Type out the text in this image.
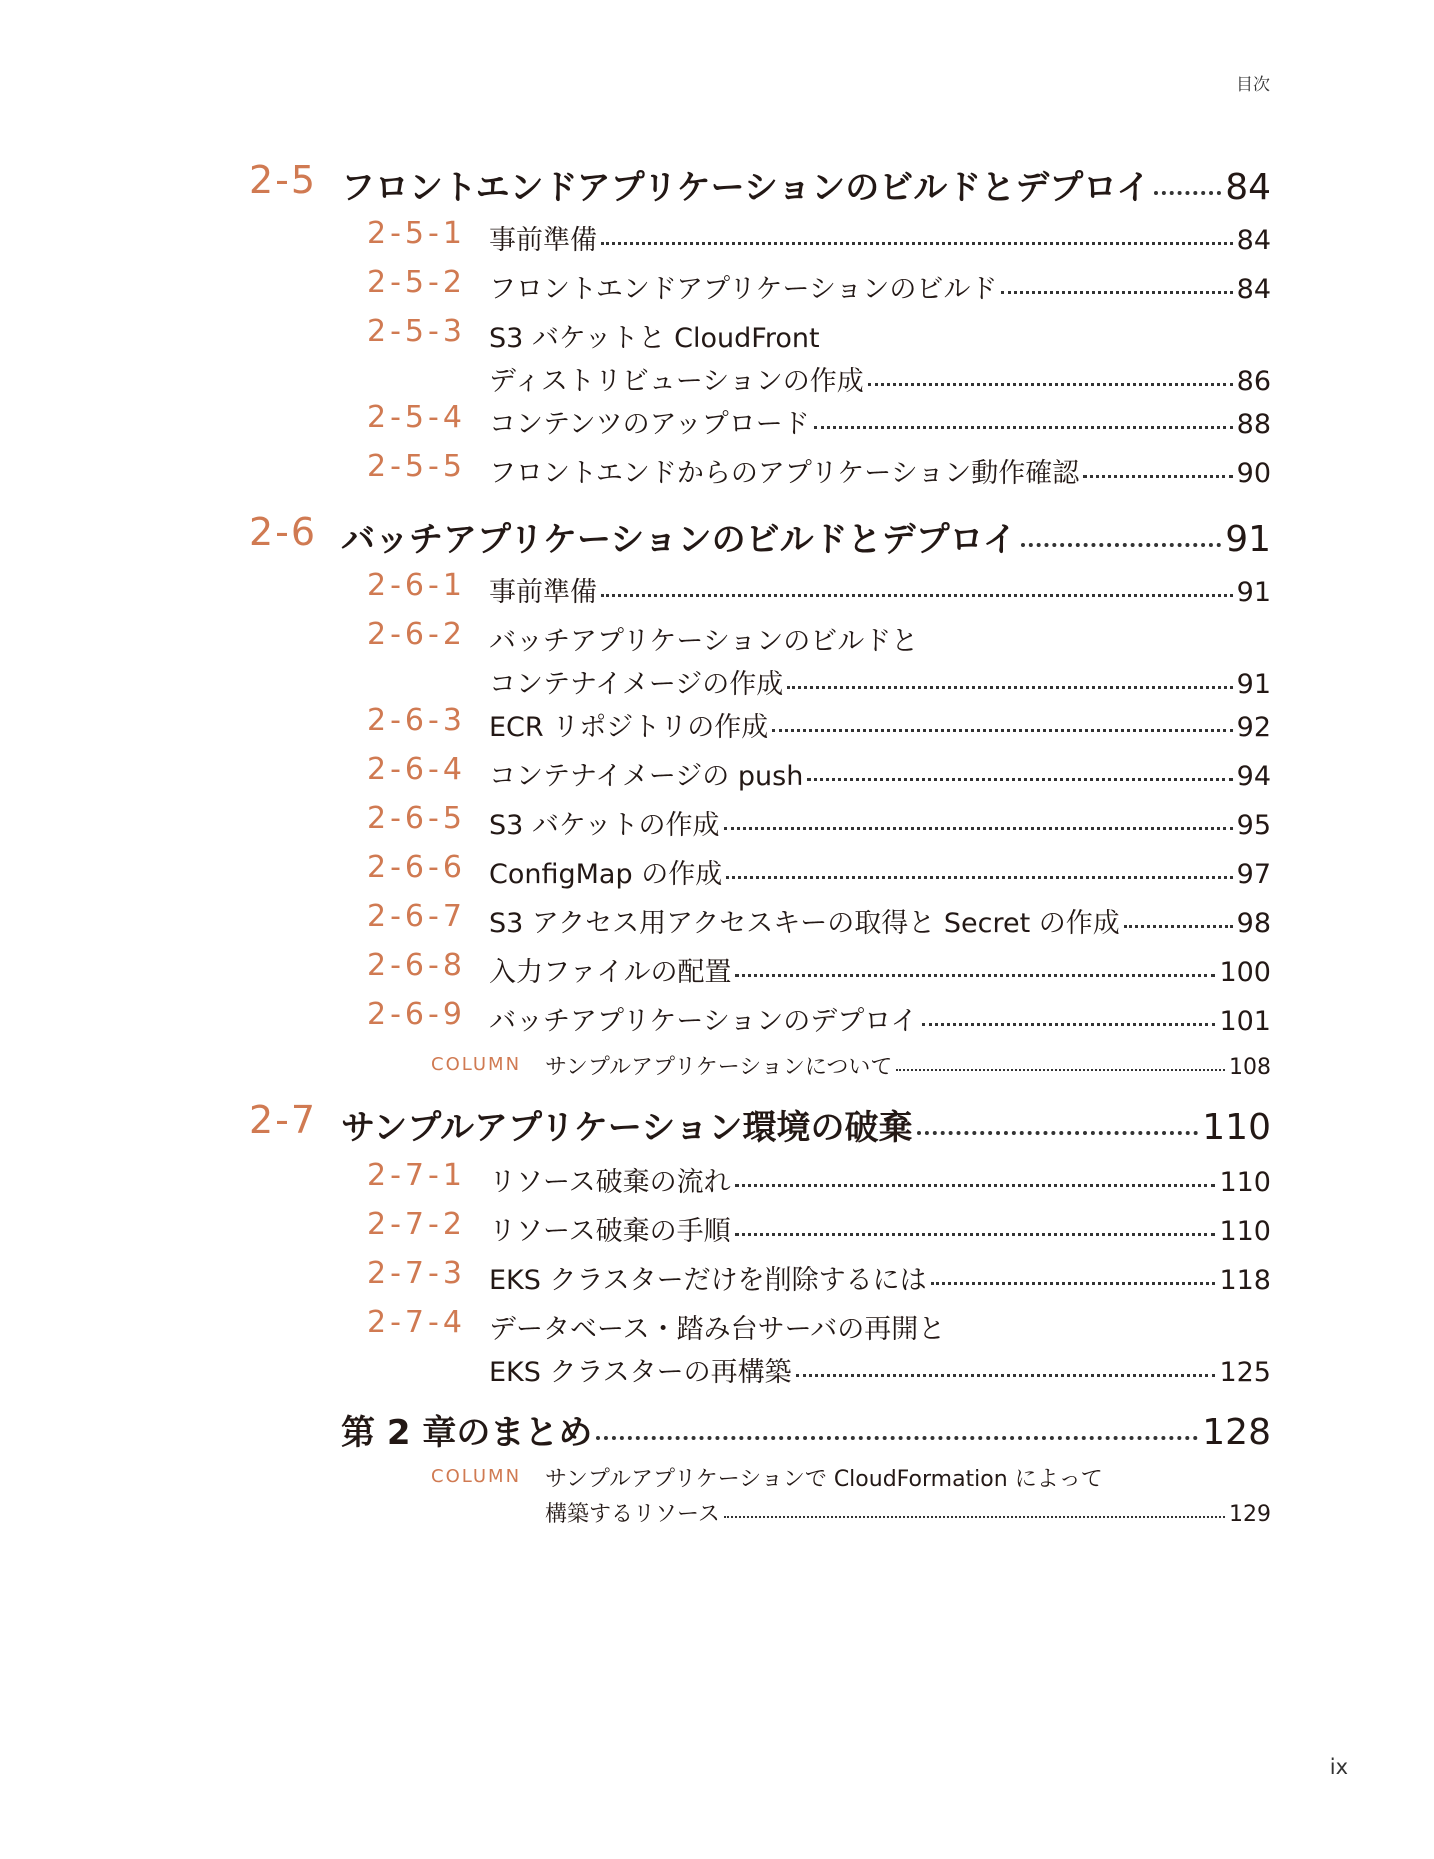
目次
2-5 フロントエンドアプリケーションのビルドとデプロイ 84
2-5-1 事前準備	84
2-5-2 フロントエンドアプリケーションのビルド	84
2-5-3 S3 バケットと CloudFront
ディストリビューションの作成	86
2-5-4 コンテンツのアップロード	88
2-5-5 フロントエンドからのアプリケーション動作確認	90
2-6 バッチアプリケーションのビルドとデプロイ	91
2-6-1 事前準備	91
2-6-2 バッチアプリケーションのビルドと
コンテナイメージの作成	91
2-6-3 ECR リポジトリの作成	92
2-6-4 コンテナイメージの push	94
2-6-5 S3 バケットの作成	95
2-6-6 ConfigMap の作成	97
2-6-7 S3 アクセス用アクセスキーの取得と Secret の作成	98
2-6-8 入力ファイルの配置	100
2-6-9 バッチアプリケーションのデプロイ	101
COLUMN サンプルアプリケーションについて	108
2-7 サンプルアプリケーション環境の破棄	110
2-7-1 リソース破棄の流れ	110
2-7-2 リソース破棄の手順	110
2-7-3 EKS クラスターだけを削除するには	118
2-7-4 データベース・踏み台サーバの再開と
EKS クラスターの再構築	125
第 2 章のまとめ	128
COLUMN サンプルアプリケーションで CloudFormation によって
構築するリソース	129
ix
